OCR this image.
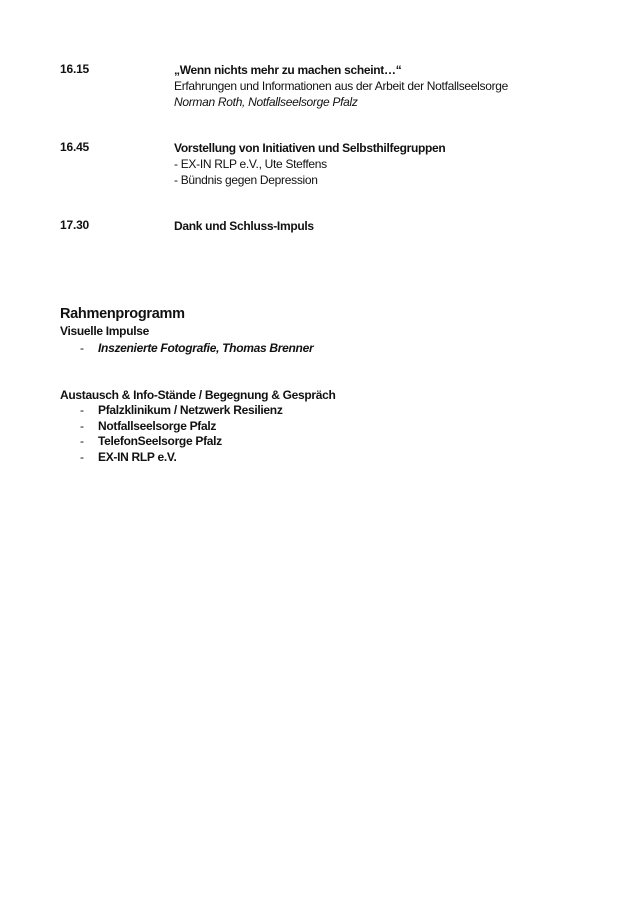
16.15	„Wenn nichts mehr zu machen scheint…“
Erfahrungen und Informationen aus der Arbeit der Notfallseelsorge
Norman Roth, Notfallseelsorge Pfalz
16.45	Vorstellung von Initiativen und Selbsthilfegruppen
- EX-IN RLP e.V., Ute Steffens
- Bündnis gegen Depression
17.30	Dank und Schluss-Impuls
Rahmenprogramm
Visuelle Impulse
- Inszenierte Fotografie, Thomas Brenner
Austausch & Info-Stände / Begegnung & Gespräch
- Pfalzklinikum / Netzwerk Resilienz
- Notfallseelsorge Pfalz
- TelefonSeelsorge Pfalz
- EX-IN RLP e.V.
